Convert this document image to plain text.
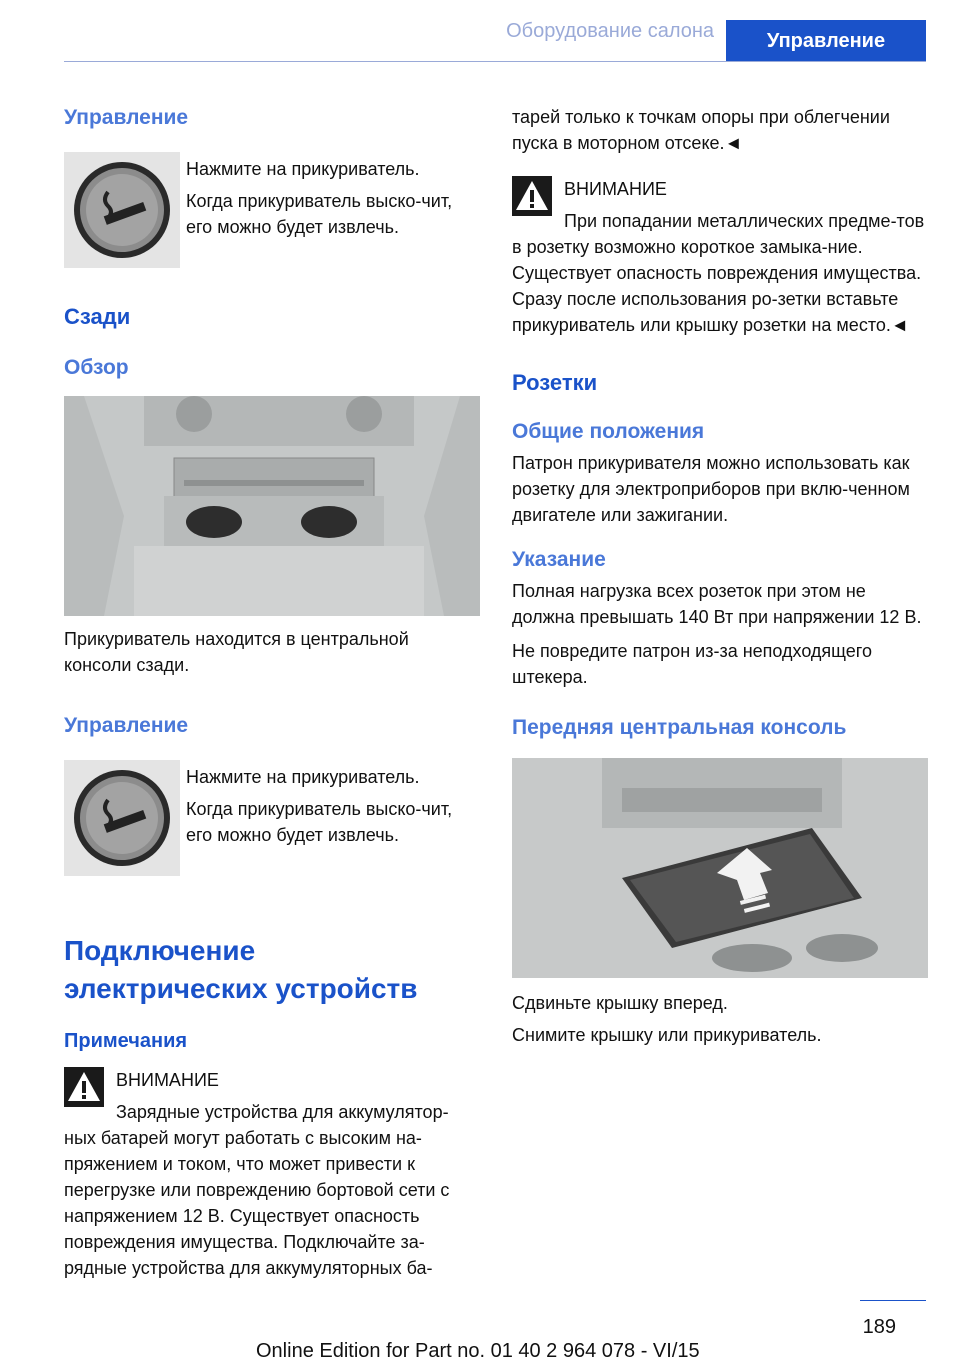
Оборудование салона	Управление

Управление

Нажмите на прикуриватель.

Когда прикуриватель выско‐чит, его можно будет извлечь.

Сзади

Обзор

Прикуриватель находится в центральной консоли сзади.

Управление

Нажмите на прикуриватель.

Когда прикуриватель выско‐чит, его можно будет извлечь.

Подключение

электрических устройств

Примечания

ВНИМАНИЕ
Зарядные устройства для аккумулятор‐ных батарей могут работать с высоким на‐пряжением и током, что может привести к перегрузке или повреждению бортовой сети с напряжением 12 В. Существует опасность повреждения имущества. Подключайте за‐рядные устройства для аккумуляторных ба‐

тарей только к точкам опоры при облегчении пуска в моторном отсеке.◄

ВНИМАНИЕ
При попадании металлических предме‐тов в розетку возможно короткое замыка‐ние. Существует опасность повреждения имущества. Сразу после использования ро‐зетки вставьте прикуриватель или крышку розетки на место.◄

Розетки

Общие положения

Патрон прикуривателя можно использовать как розетку для электроприборов при вклю‐ченном двигателе или зажигании.

Указание

Полная нагрузка всех розеток при этом не должна превышать 140 Вт при напряжении 12 В.

Не повредите патрон из‐за неподходящего штекера.

Передняя центральная консоль

Сдвиньте крышку вперед.

Снимите крышку или прикуриватель.

189
Online Edition for Part no. 01 40 2 964 078 - VI/15
